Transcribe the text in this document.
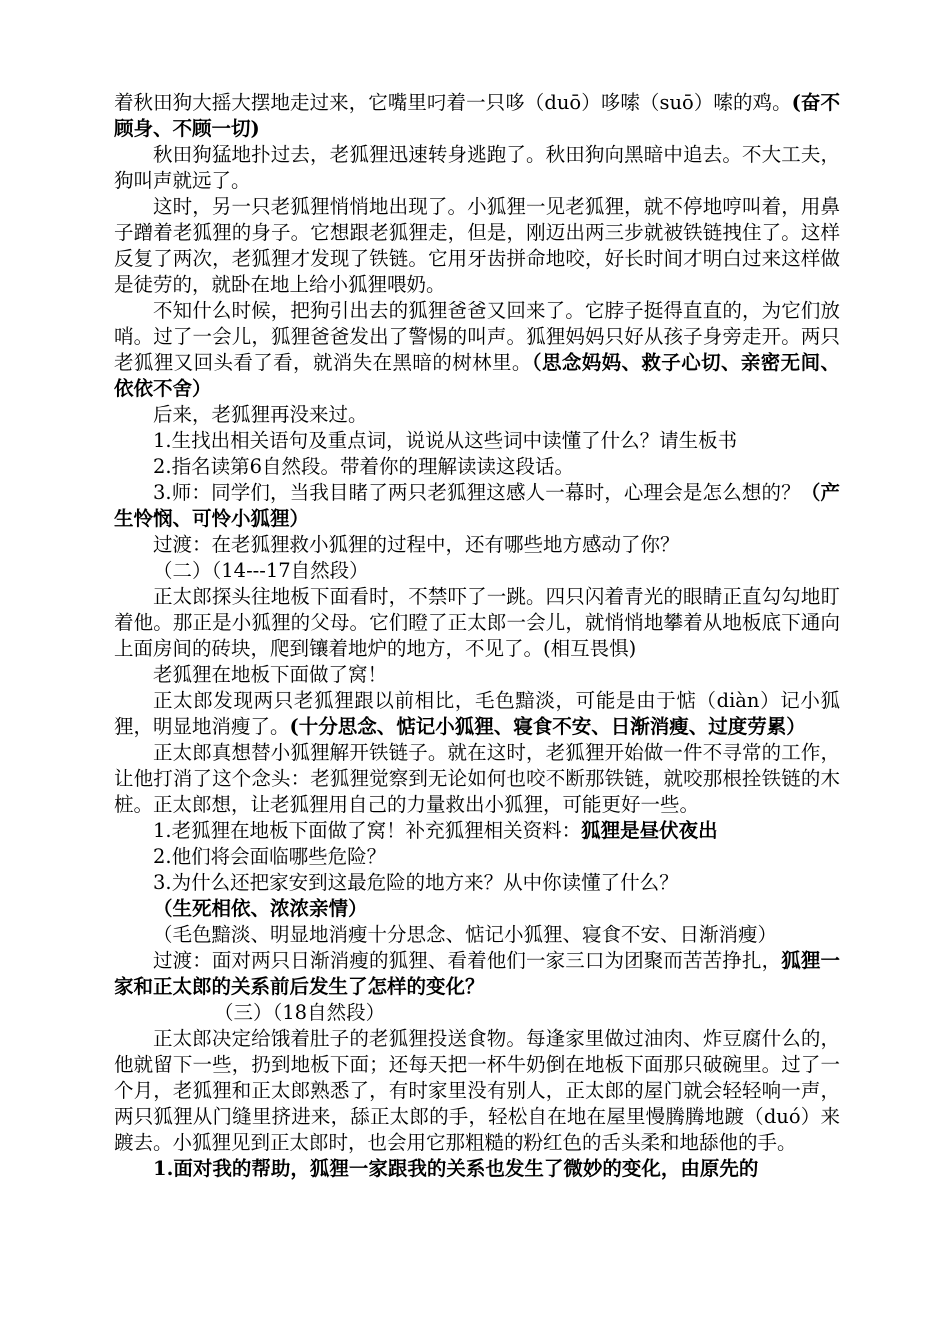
着秋田狗大摇大摆地走过来，它嘴里叼着一只哆（duō）哆嗦（suō）嗦的鸡。(奋不顾身、不顾一切)

秋田狗猛地扑过去，老狐狸迅速转身逃跑了。秋田狗向黑暗中追去。不大工夫，狗叫声就远了。

这时，另一只老狐狸悄悄地出现了。小狐狸一见老狐狸，就不停地哼叫着，用鼻子蹭着老狐狸的身子。它想跟老狐狸走，但是，刚迈出两三步就被铁链拽住了。这样反复了两次，老狐狸才发现了铁链。它用牙齿拼命地咬，好长时间才明白过来这样做是徒劳的，就卧在地上给小狐狸喂奶。

不知什么时候，把狗引出去的狐狸爸爸又回来了。它脖子挺得直直的，为它们放哨。过了一会儿，狐狸爸爸发出了警惕的叫声。狐狸妈妈只好从孩子身旁走开。两只老狐狸又回头看了看，就消失在黑暗的树林里。（思念妈妈、救子心切、亲密无间、依依不舍）

后来，老狐狸再没来过。

1.生找出相关语句及重点词，说说从这些词中读懂了什么？请生板书

2.指名读第6自然段。带着你的理解读读这段话。

3.师：同学们，当我目睹了两只老狐狸这感人一幕时，心理会是怎么想的？（产生怜悯、可怜小狐狸）

过渡：在老狐狸救小狐狸的过程中，还有哪些地方感动了你？

（二）（14---17自然段）

正太郎探头往地板下面看时，不禁吓了一跳。四只闪着青光的眼睛正直勾勾地盯着他。那正是小狐狸的父母。它们瞪了正太郎一会儿，就悄悄地攀着从地板底下通向上面房间的砖块，爬到镶着地炉的地方，不见了。(相互畏惧)

老狐狸在地板下面做了窝！

正太郎发现两只老狐狸跟以前相比，毛色黯淡，可能是由于惦（diàn）记小狐狸，明显地消瘦了。(十分思念、惦记小狐狸、寝食不安、日渐消瘦、过度劳累）

正太郎真想替小狐狸解开铁链子。就在这时，老狐狸开始做一件不寻常的工作，让他打消了这个念头：老狐狸觉察到无论如何也咬不断那铁链，就咬那根拴铁链的木桩。正太郎想，让老狐狸用自己的力量救出小狐狸，可能更好一些。

1.老狐狸在地板下面做了窝！补充狐狸相关资料：狐狸是昼伏夜出

2.他们将会面临哪些危险？

3.为什么还把家安到这最危险的地方来？从中你读懂了什么？

（生死相依、浓浓亲情）

（毛色黯淡、明显地消瘦十分思念、惦记小狐狸、寝食不安、日渐消瘦）

过渡：面对两只日渐消瘦的狐狸、看着他们一家三口为团聚而苦苦挣扎，狐狸一家和正太郎的关系前后发生了怎样的变化？

（三）（18自然段）

正太郎决定给饿着肚子的老狐狸投送食物。每逢家里做过油肉、炸豆腐什么的，他就留下一些，扔到地板下面；还每天把一杯牛奶倒在地板下面那只破碗里。过了一个月，老狐狸和正太郎熟悉了，有时家里没有别人，正太郎的屋门就会轻轻响一声，两只狐狸从门缝里挤进来，舔正太郎的手，轻松自在地在屋里慢腾腾地踱（duó）来踱去。小狐狸见到正太郎时，也会用它那粗糙的粉红色的舌头柔和地舔他的手。

1.面对我的帮助，狐狸一家跟我的关系也发生了微妙的变化，由原先的
